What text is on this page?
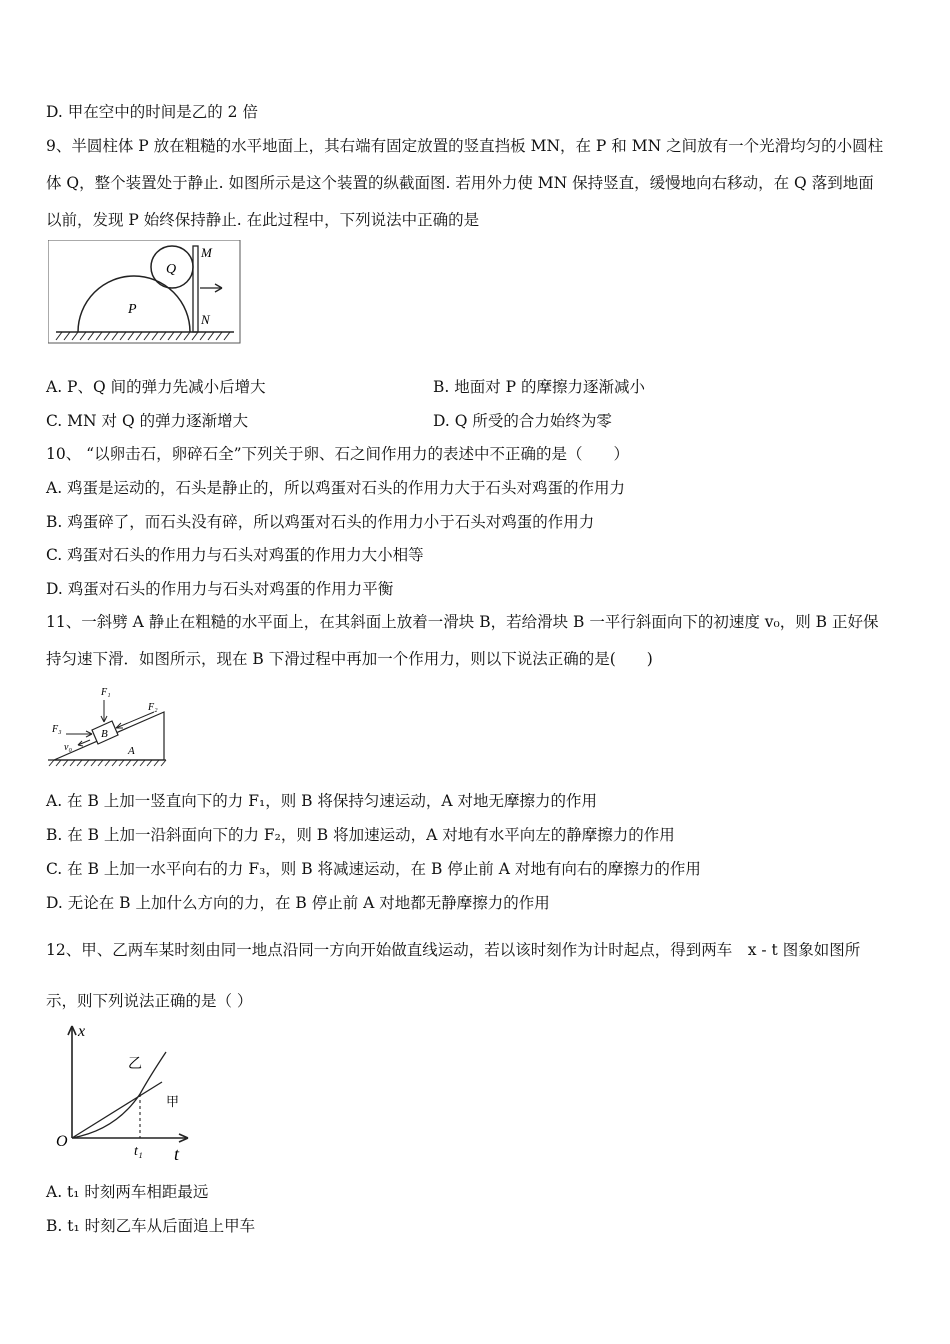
D. 甲在空中的时间是乙的 2 倍
9、半圆柱体 P 放在粗糙的水平地面上，其右端有固定放置的竖直挡板 MN，在 P 和 MN 之间放有一个光滑均匀的小圆柱
体 Q，整个装置处于静止. 如图所示是这个装置的纵截面图. 若用外力使 MN 保持竖直，缓慢地向右移动，在 Q 落到地面
以前，发现 P 始终保持静止. 在此过程中，下列说法中正确的是
Q
P
M
N
A. P、Q 间的弹力先减小后增大	B. 地面对 P 的摩擦力逐渐减小
C. MN 对 Q 的弹力逐渐增大	D. Q 所受的合力始终为零
10、 “以卵击石，卵碎石全”下列关于卵、石之间作用力的表述中不正确的是（　　）
A. 鸡蛋是运动的，石头是静止的，所以鸡蛋对石头的作用力大于石头对鸡蛋的作用力
B. 鸡蛋碎了，而石头没有碎，所以鸡蛋对石头的作用力小于石头对鸡蛋的作用力
C. 鸡蛋对石头的作用力与石头对鸡蛋的作用力大小相等
D. 鸡蛋对石头的作用力与石头对鸡蛋的作用力平衡
11、一斜劈 A 静止在粗糙的水平面上，在其斜面上放着一滑块 B，若给滑块 B 一平行斜面向下的初速度 v₀，则 B 正好保
持匀速下滑．如图所示，现在 B 下滑过程中再加一个作用力，则以下说法正确的是(　　)
F₁
F₂
F₃
v₀
B
A
A. 在 B 上加一竖直向下的力 F₁，则 B 将保持匀速运动，A 对地无摩擦力的作用
B. 在 B 上加一沿斜面向下的力 F₂，则 B 将加速运动，A 对地有水平向左的静摩擦力的作用
C. 在 B 上加一水平向右的力 F₃，则 B 将减速运动，在 B 停止前 A 对地有向右的摩擦力的作用
D. 无论在 B 上加什么方向的力，在 B 停止前 A 对地都无静摩擦力的作用
12、甲、乙两车某时刻由同一地点沿同一方向开始做直线运动，若以该时刻作为计时起点，得到两车　x - t 图象如图所
示，则下列说法正确的是（ ）
x
t
O
t₁
乙
甲
A. t₁ 时刻两车相距最远
B. t₁ 时刻乙车从后面追上甲车
